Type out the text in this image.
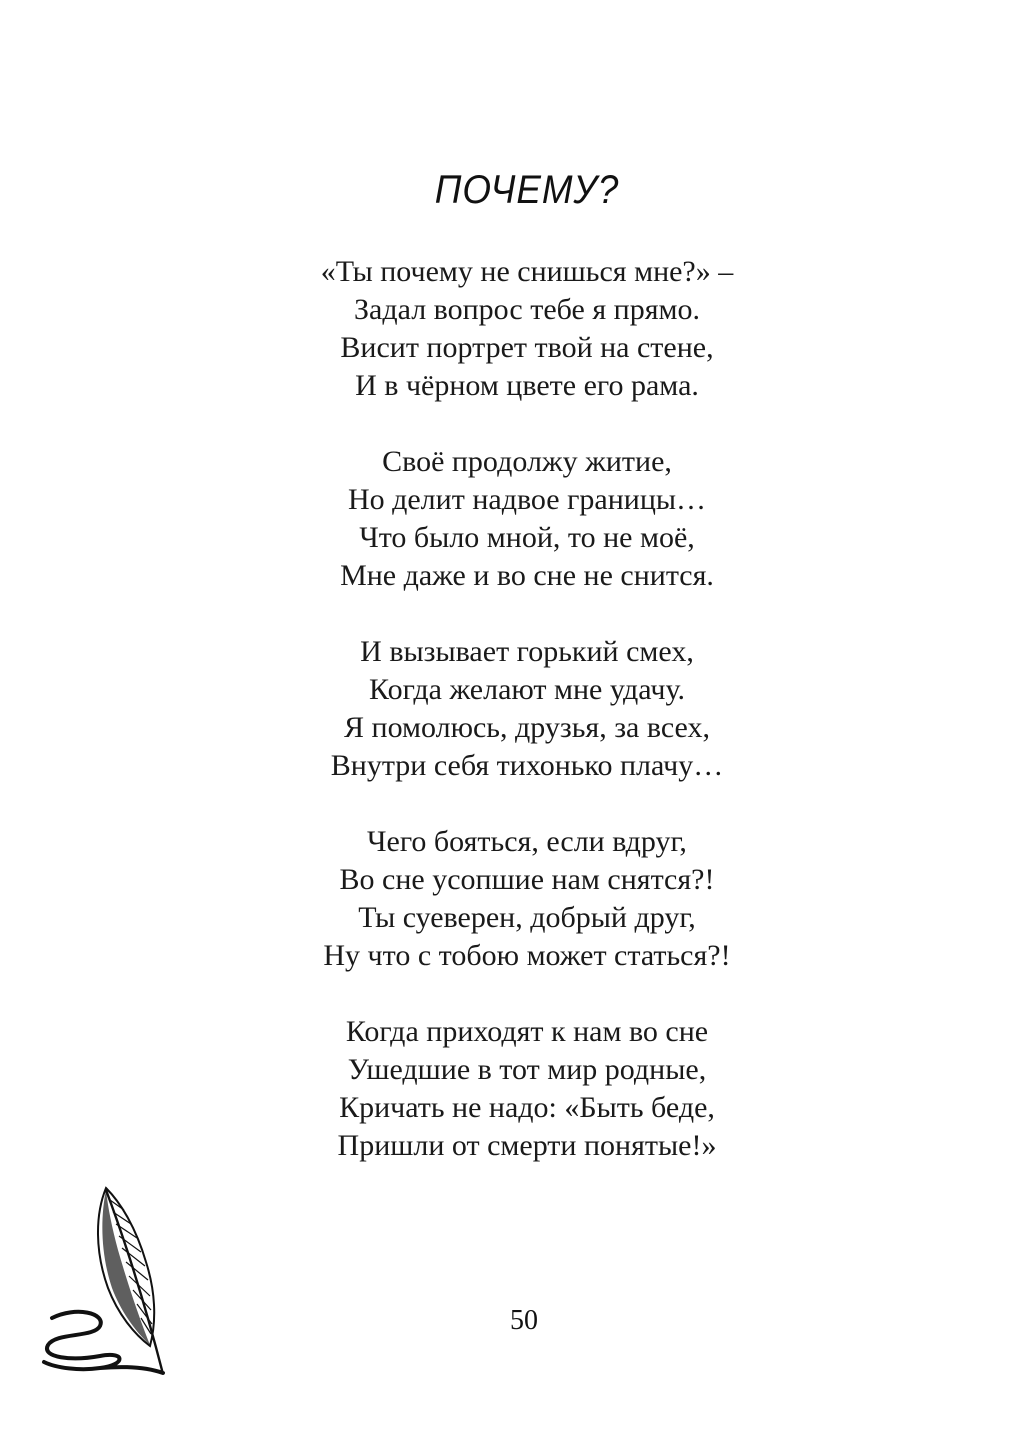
ПОЧЕМУ?
«Ты почему не снишься мне?» –
Задал вопрос тебе я прямо.
Висит портрет твой на стене,
И в чёрном цвете его рама.
Своё продолжу житие,
Но делит надвое границы…
Что было мной, то не моё,
Мне даже и во сне не снится.
И вызывает горький смех,
Когда желают мне удачу.
Я помолюсь, друзья, за всех,
Внутри себя тихонько плачу…
Чего бояться, если вдруг,
Во сне усопшие нам снятся?!
Ты суеверен, добрый друг,
Ну что с тобою может статься?!
Когда приходят к нам во сне
Ушедшие в тот мир родные,
Кричать не надо: «Быть беде,
Пришли от смерти понятые!»
50
